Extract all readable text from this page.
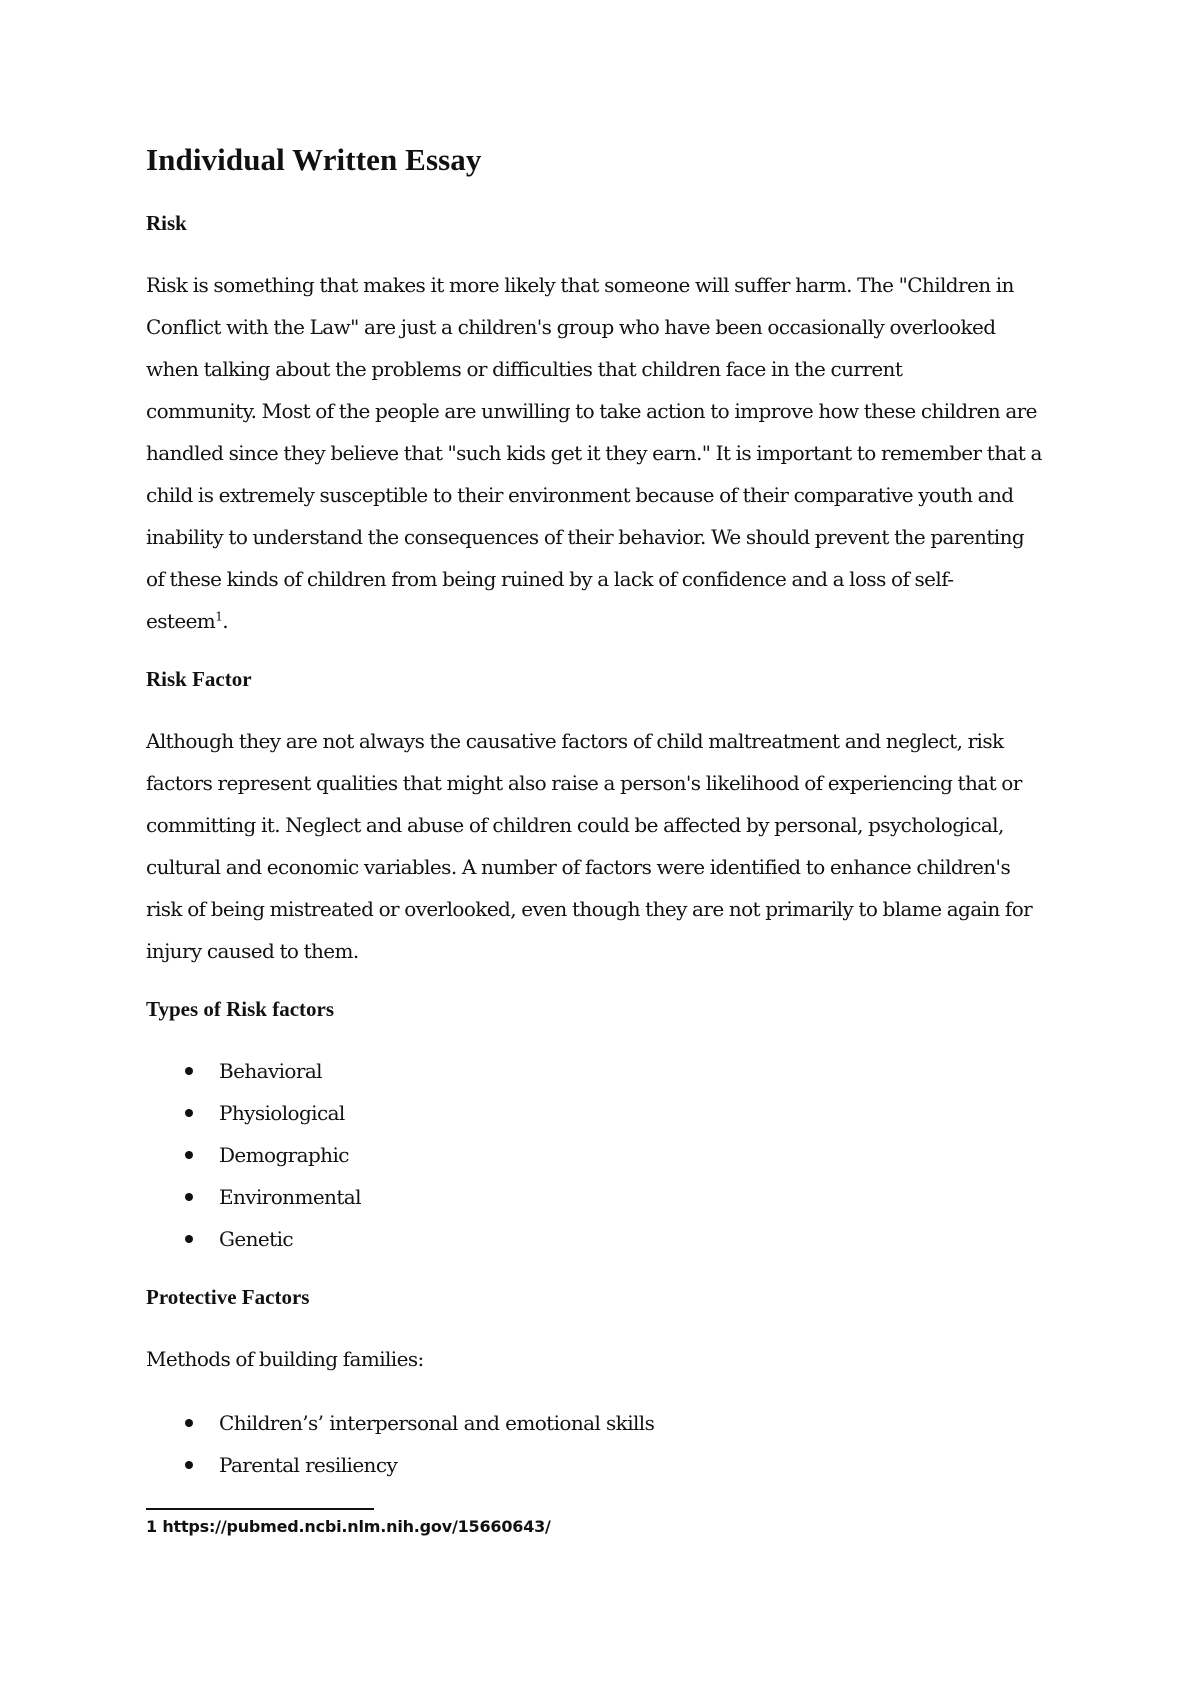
Individual Written Essay
Risk

Risk is something that makes it more likely that someone will suffer harm. The "Children in
Conflict with the Law" are just a children's group who have been occasionally overlooked
when talking about the problems or difficulties that children face in the current
community. Most of the people are unwilling to take action to improve how these children are
handled since they believe that "such kids get it they earn." It is important to remember that a
child is extremely susceptible to their environment because of their comparative youth and
inability to understand the consequences of their behavior. We should prevent the parenting
of these kinds of children from being ruined by a lack of confidence and a loss of self-
esteem$^1$.

Risk Factor

Although they are not always the causative factors of child maltreatment and neglect, risk
factors represent qualities that might also raise a person's likelihood of experiencing that or
committing it. Neglect and abuse of children could be affected by personal, psychological,
cultural and economic variables. A number of factors were identified to enhance children's
risk of being mistreated or overlooked, even though they are not primarily to blame again for
injury caused to them.

Types of Risk factors
Behavioral
Physiological
Demographic
Environmental
Genetic
Protective Factors

Methods of building families:

Children’s’ interpersonal and emotional skills
Parental resiliency
1 https://pubmed.ncbi.nlm.nih.gov/15660643/
